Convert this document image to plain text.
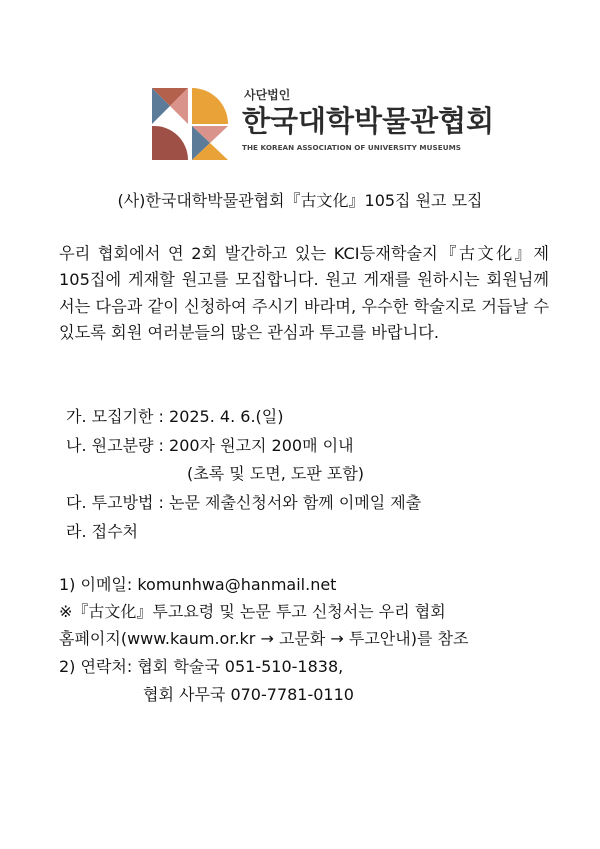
사단법인
한국대학박물관협회
THE KOREAN ASSOCIATION OF UNIVERSITY MUSEUMS
(사)한국대학박물관협회『古文化』105집 원고 모집
우리 협회에서 연 2회 발간하고 있는 KCI등재학술지『古文化』제105집에 게재할 원고를 모집합니다. 원고 게재를 원하시는 회원님께서는 다음과 같이 신청하여 주시기 바라며, 우수한 학술지로 거듭날 수 있도록 회원 여러분들의 많은 관심과 투고를 바랍니다.
가. 모집기한 : 2025. 4. 6.(일)
나. 원고분량 : 200자 원고지 200매 이내
(초록 및 도면, 도판 포함)
다. 투고방법 : 논문 제출신청서와 함께 이메일 제출
라. 접수처
1) 이메일: komunhwa@hanmail.net
※『古文化』투고요령 및 논문 투고 신청서는 우리 협회
홈페이지(www.kaum.or.kr → 고문화 → 투고안내)를 참조
2) 연락처: 협회 학술국 051-510-1838,
협회 사무국 070-7781-0110
